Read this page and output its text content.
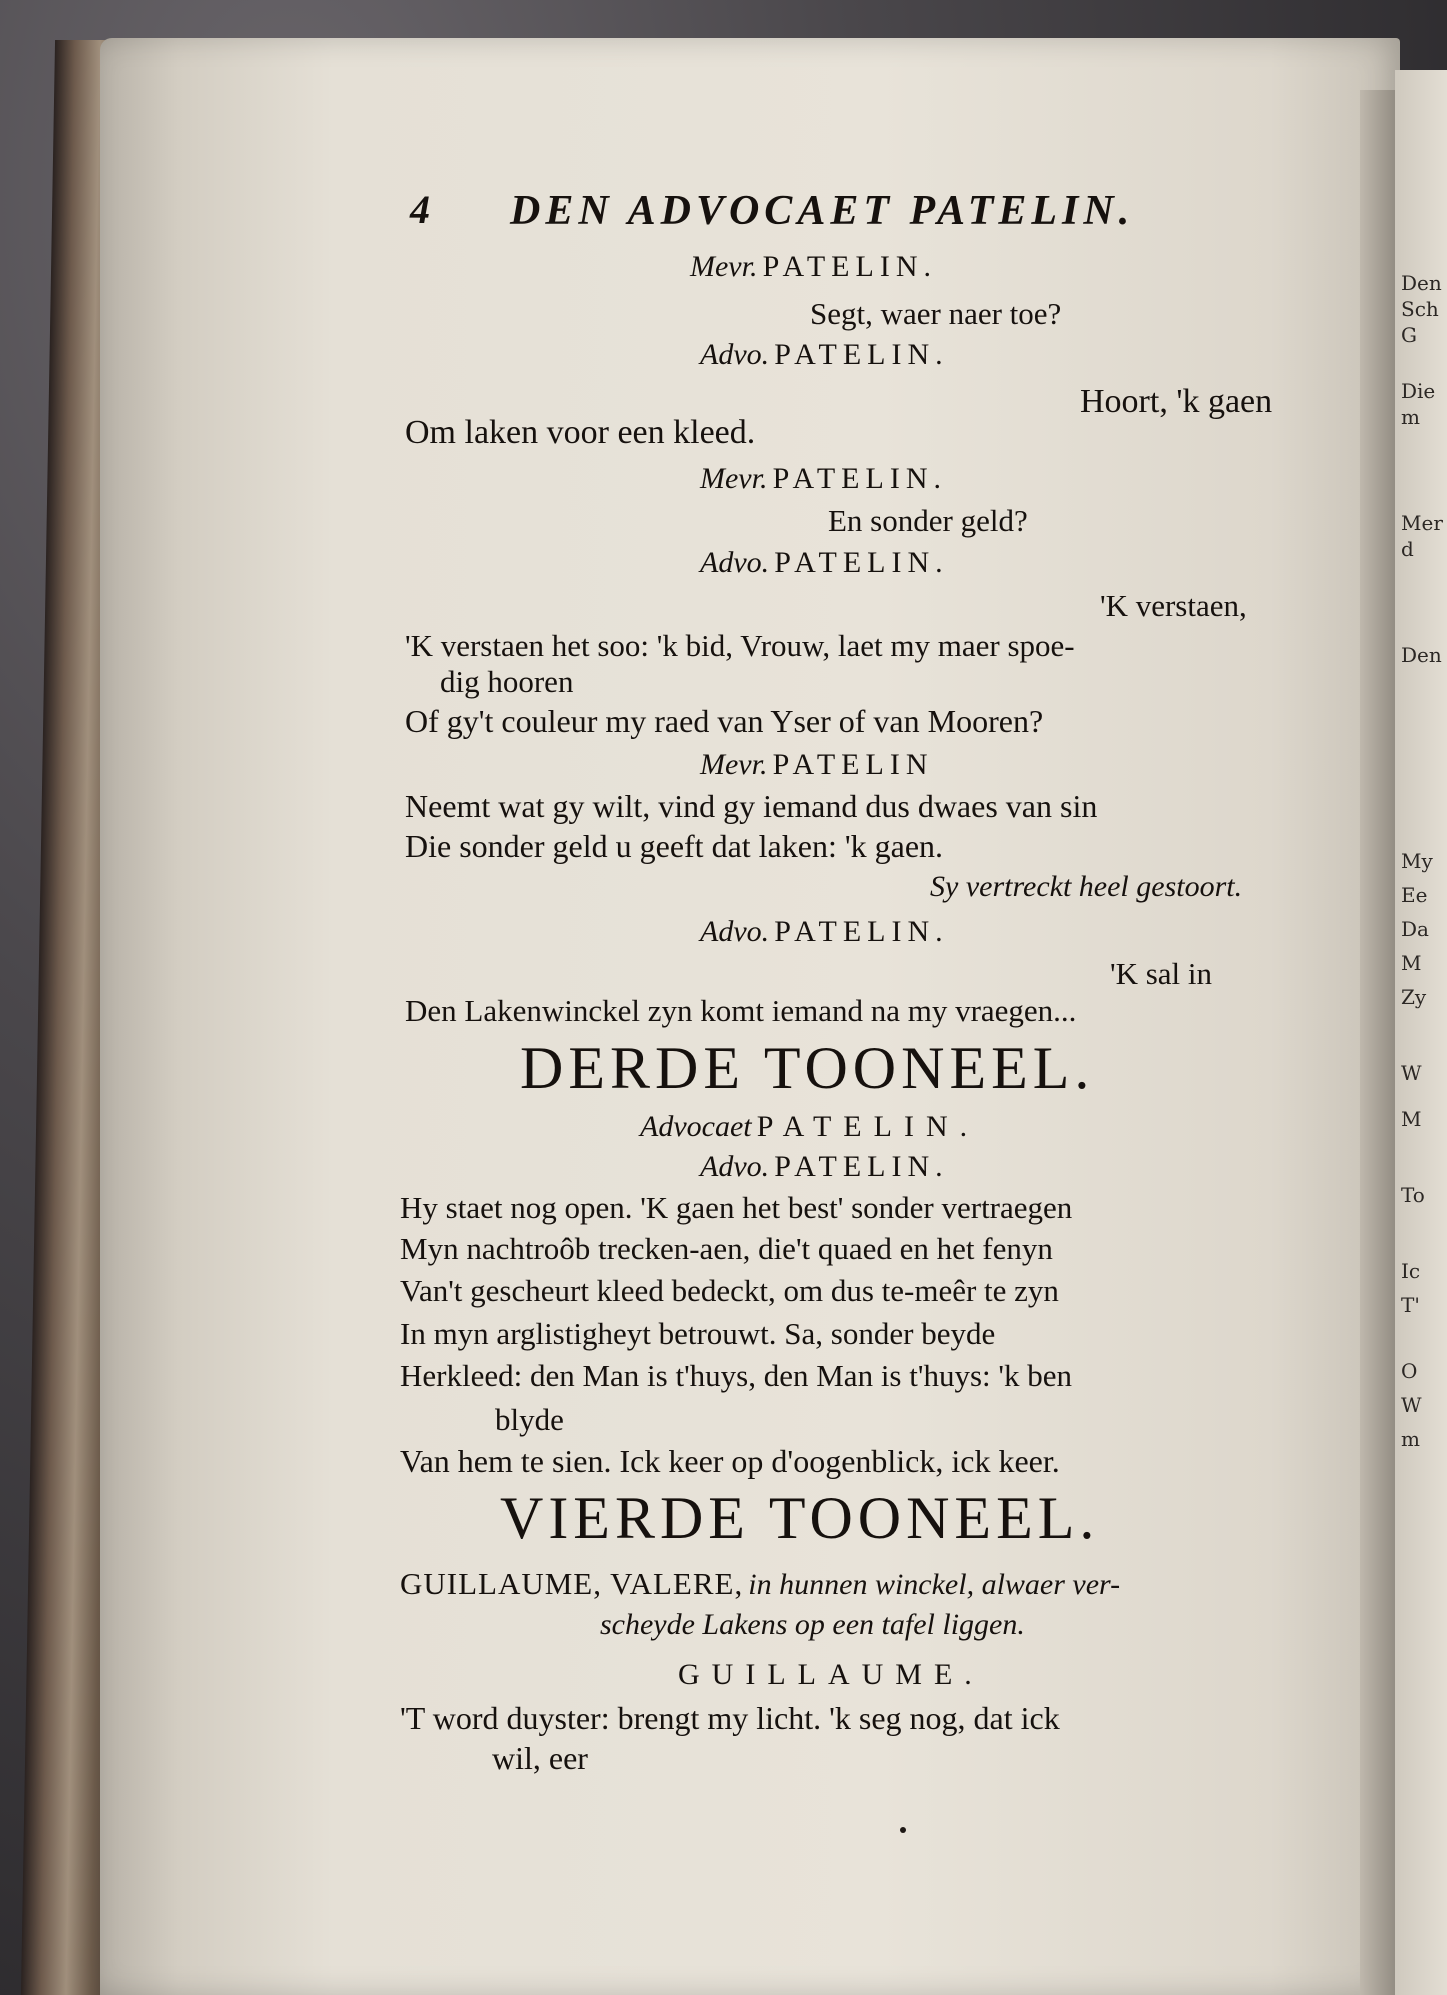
Den Sch
G
Die m
Mer d
Den
My
Ee
Da
M
Zy
W
M
To
Ic
T'
O
W
m
4 DEN ADVOCAET PATELIN.
Mevr. PATELIN.
Segt, waer naer toe?
Advo. PATELIN.
Hoort, 'k gaen
Om laken voor een kleed.
Mevr. PATELIN.
En sonder geld?
Advo. PATELIN.
'K verstaen,
'K verstaen het soo: 'k bid, Vrouw, laet my maer spoe-
dig hooren
Of gy't couleur my raed van Yser of van Mooren?
Mevr. PATELIN
Neemt wat gy wilt, vind gy iemand dus dwaes van sin
Die sonder geld u geeft dat laken: 'k gaen.
Sy vertreckt heel gestoort.
Advo. PATELIN.
'K sal in
Den Lakenwinckel zyn komt iemand na my vraegen...
DERDE TOONEEL.
Advocaet PATELIN.
Advo. PATELIN.
Hy staet nog open. 'K gaen het best' sonder vertraegen
Myn nachtroôb trecken-aen, die't quaed en het fenyn
Van't gescheurt kleed bedeckt, om dus te-meêr te zyn
In myn arglistigheyt betrouwt. Sa, sonder beyde
Herkleed: den Man is t'huys, den Man is t'huys: 'k ben
blyde
Van hem te sien. Ick keer op d'oogenblick, ick keer.
VIERDE TOONEEL.
GUILLAUME, VALERE, in hunnen winckel, alwaer ver-
scheyde Lakens op een tafel liggen.
GUILLAUME.
'T word duyster: brengt my licht. 'k seg nog, dat ick
wil, eer
